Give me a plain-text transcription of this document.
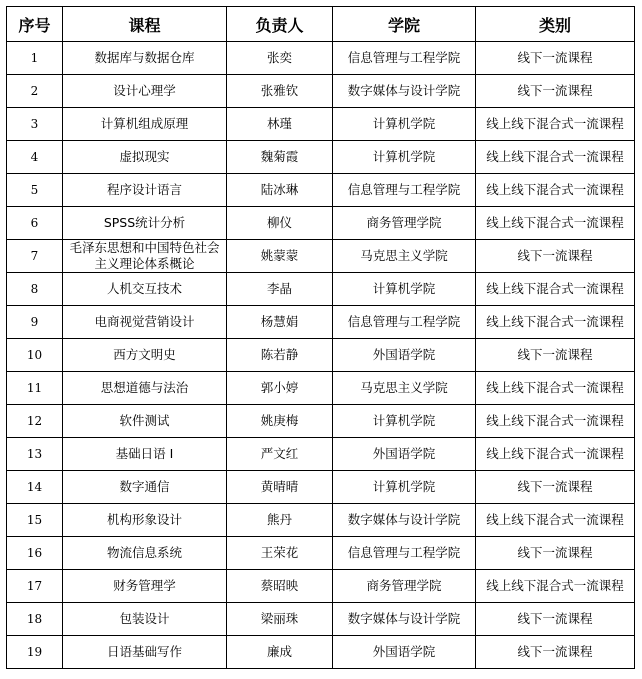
序号	课程	负责人	学院	类别
1	数据库与数据仓库	张奕	信息管理与工程学院	线下一流课程
2	设计心理学	张雅钦	数字媒体与设计学院	线下一流课程
3	计算机组成原理	林瑾	计算机学院	线上线下混合式一流课程
4	虚拟现实	魏菊霞	计算机学院	线上线下混合式一流课程
5	程序设计语言	陆冰琳	信息管理与工程学院	线上线下混合式一流课程
6	SPSS统计分析	柳仪	商务管理学院	线上线下混合式一流课程
7	毛泽东思想和中国特色社会主义理论体系概论	姚蒙蒙	马克思主义学院	线下一流课程
8	人机交互技术	李晶	计算机学院	线上线下混合式一流课程
9	电商视觉营销设计	杨慧娟	信息管理与工程学院	线上线下混合式一流课程
10	西方文明史	陈若静	外国语学院	线下一流课程
11	思想道德与法治	郭小婷	马克思主义学院	线上线下混合式一流课程
12	软件测试	姚庚梅	计算机学院	线上线下混合式一流课程
13	基础日语 I	严文红	外国语学院	线上线下混合式一流课程
14	数字通信	黄晴晴	计算机学院	线下一流课程
15	机构形象设计	熊丹	数字媒体与设计学院	线上线下混合式一流课程
16	物流信息系统	王荣花	信息管理与工程学院	线下一流课程
17	财务管理学	蔡昭映	商务管理学院	线上线下混合式一流课程
18	包装设计	梁丽珠	数字媒体与设计学院	线下一流课程
19	日语基础写作	廉成	外国语学院	线下一流课程
